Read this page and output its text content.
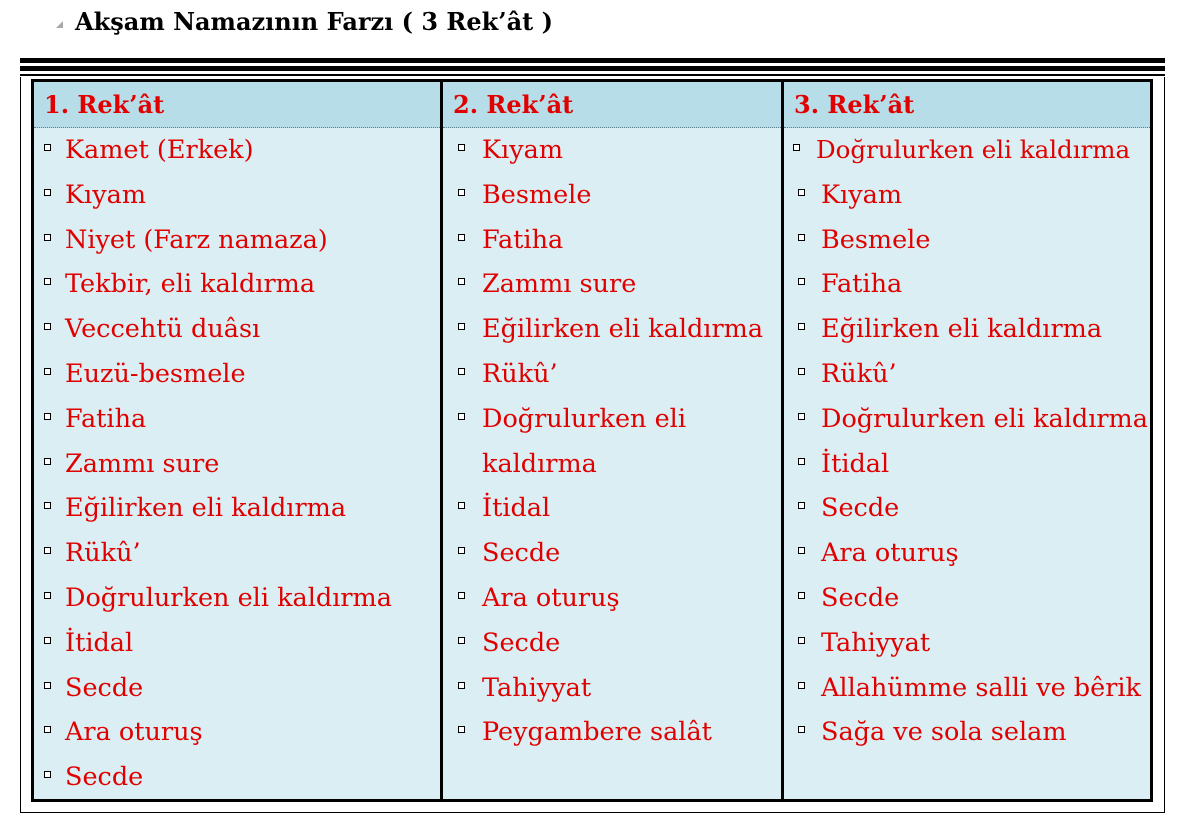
Akşam Namazının Farzı ( 3 Rek’ât )
1. Rek’ât
Kamet (Erkek)
Kıyam
Niyet (Farz namaza)
Tekbir, eli kaldırma
Veccehtü duâsı
Euzü-besmele
Fatiha
Zammı sure
Eğilirken eli kaldırma
Rükû’
Doğrulurken eli kaldırma
İtidal
Secde
Ara oturuş
Secde
2. Rek’ât
Kıyam
Besmele
Fatiha
Zammı sure
Eğilirken eli kaldırma
Rükû’
Doğrulurken eli kaldırma
İtidal
Secde
Ara oturuş
Secde
Tahiyyat
Peygambere salât
3. Rek’ât
Doğrulurken eli kaldırma
Kıyam
Besmele
Fatiha
Eğilirken eli kaldırma
Rükû’
Doğrulurken eli kaldırma
İtidal
Secde
Ara oturuş
Secde
Tahiyyat
Allahümme salli ve bêrik
Sağa ve sola selam
